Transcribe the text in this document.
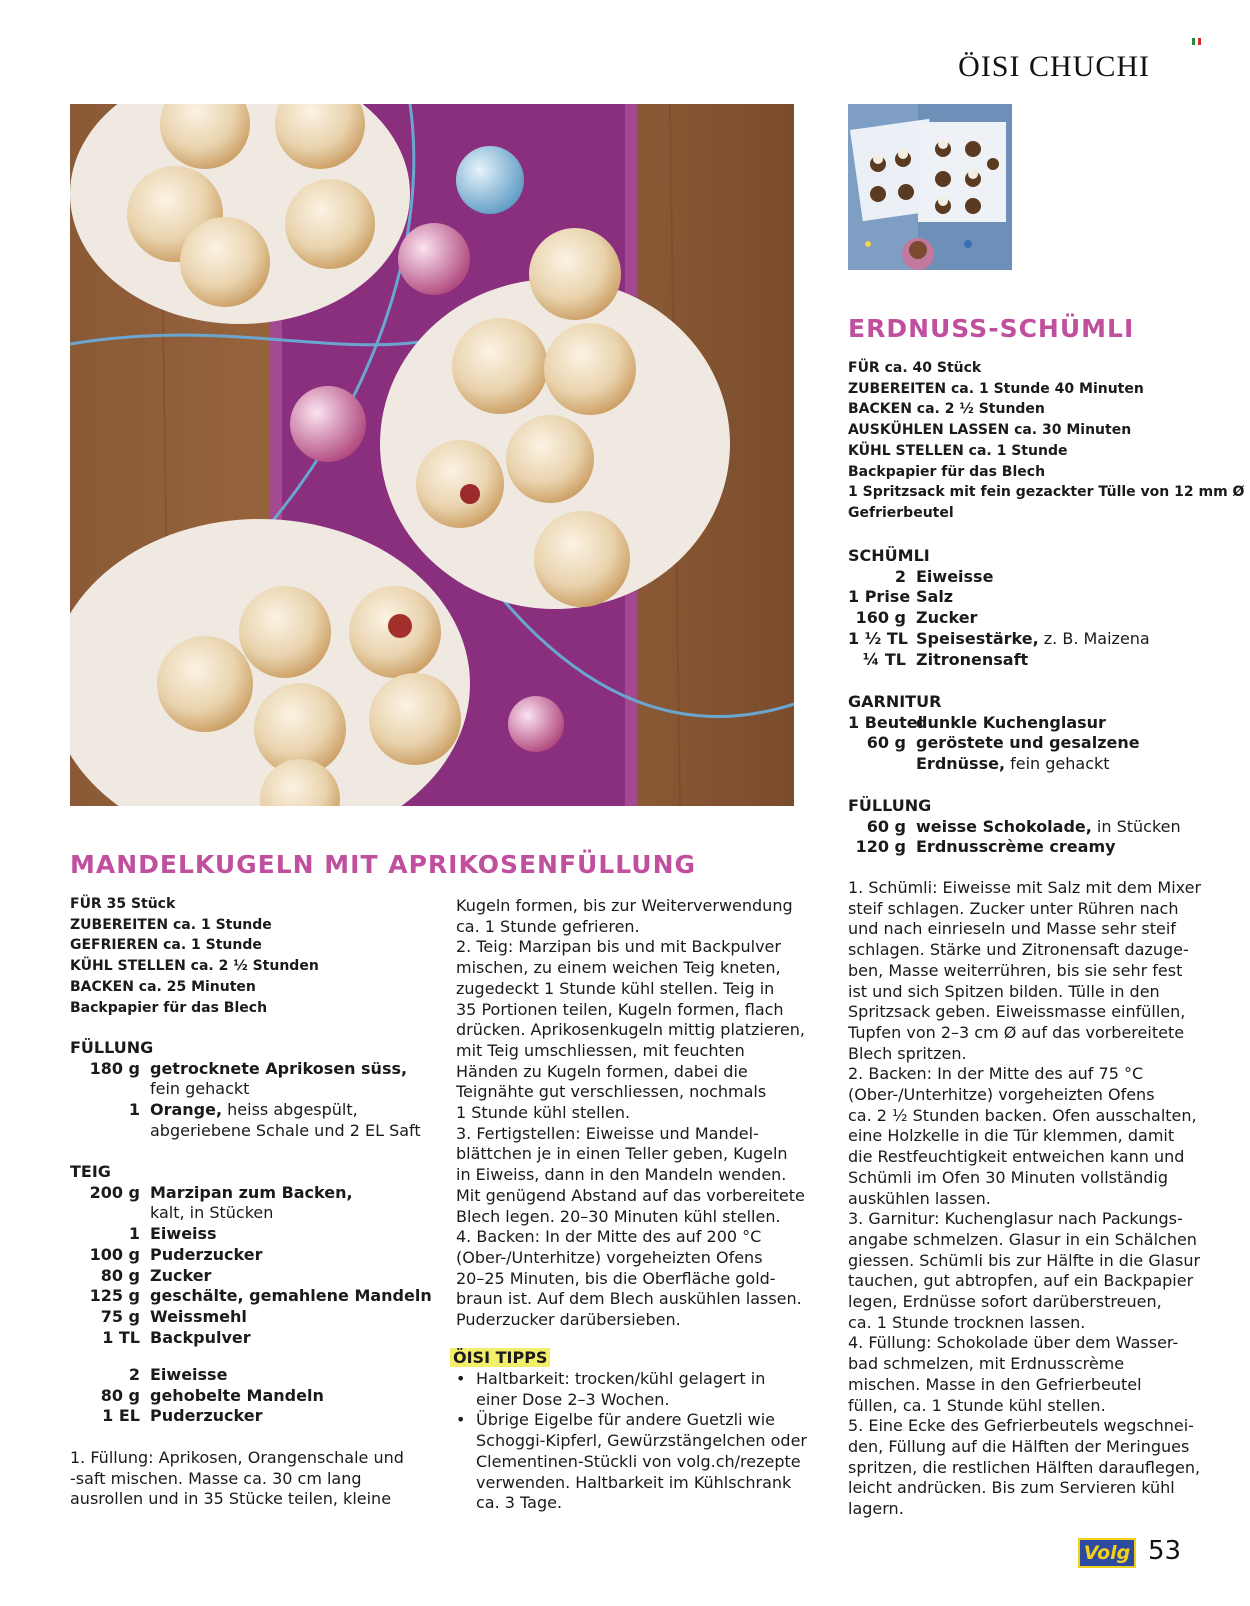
ÖISI CHUCHI
MANDELKUGELN MIT APRIKOSENFÜLLUNG
FÜR 35 Stück
ZUBEREITEN ca. 1 Stunde
GEFRIEREN ca. 1 Stunde
KÜHL STELLEN ca. 2 ½ Stunden
BACKEN ca. 25 Minuten
Backpapier für das Blech
FÜLLUNG
180 g getrocknete Aprikosen süss,
fein gehackt
1 Orange, heiss abgespült,
abgeriebene Schale und 2 EL Saft
TEIG
200 g Marzipan zum Backen,
kalt, in Stücken
1 Eiweiss
100 g Puderzucker
80 g Zucker
125 g geschälte, gemahlene Mandeln
75 g Weissmehl
1 TL Backpulver
2 Eiweisse
80 g gehobelte Mandeln
1 EL Puderzucker
1. Füllung: Aprikosen, Orangenschale und
-saft mischen. Masse ca. 30 cm lang
ausrollen und in 35 Stücke teilen, kleine
Kugeln formen, bis zur Weiterverwendung
ca. 1 Stunde gefrieren.
2. Teig: Marzipan bis und mit Backpulver
mischen, zu einem weichen Teig kneten,
zugedeckt 1 Stunde kühl stellen. Teig in
35 Portionen teilen, Kugeln formen, flach
drücken. Aprikosenkugeln mittig platzieren,
mit Teig umschliessen, mit feuchten
Händen zu Kugeln formen, dabei die
Teignähte gut verschliessen, nochmals
1 Stunde kühl stellen.
3. Fertigstellen: Eiweisse und Mandel-
blättchen je in einen Teller geben, Kugeln
in Eiweiss, dann in den Mandeln wenden.
Mit genügend Abstand auf das vorbereitete
Blech legen. 20–30 Minuten kühl stellen.
4. Backen: In der Mitte des auf 200 °C
(Ober-/Unterhitze) vorgeheizten Ofens
20–25 Minuten, bis die Oberfläche gold-
braun ist. Auf dem Blech auskühlen lassen.
Puderzucker darübersieben.
ÖISI TIPPS
• Haltbarkeit: trocken/kühl gelagert in
einer Dose 2–3 Wochen.
• Übrige Eigelbe für andere Guetzli wie
Schoggi-Kipferl, Gewürzstängelchen oder
Clementinen-Stückli von volg.ch/rezepte
verwenden. Haltbarkeit im Kühlschrank
ca. 3 Tage.
ERDNUSS-SCHÜMLI
FÜR ca. 40 Stück
ZUBEREITEN ca. 1 Stunde 40 Minuten
BACKEN ca. 2 ½ Stunden
AUSKÜHLEN LASSEN ca. 30 Minuten
KÜHL STELLEN ca. 1 Stunde
Backpapier für das Blech
1 Spritzsack mit fein gezackter Tülle von 12 mm Ø
Gefrierbeutel
SCHÜMLI
2 Eiweisse
1 Prise Salz
160 g Zucker
1 ½ TL Speisestärke, z. B. Maizena
¼ TL Zitronensaft
GARNITUR
1 Beutel
dunkle Kuchenglasur
60 g geröstete und gesalzene
Erdnüsse, fein gehackt
FÜLLUNG
60 g weisse Schokolade, in Stücken
120 g Erdnusscrème creamy
1. Schümli: Eiweisse mit Salz mit dem Mixer
steif schlagen. Zucker unter Rühren nach
und nach einrieseln und Masse sehr steif
schlagen. Stärke und Zitronensaft dazuge-
ben, Masse weiterrühren, bis sie sehr fest
ist und sich Spitzen bilden. Tülle in den
Spritzsack geben. Eiweissmasse einfüllen,
Tupfen von 2–3 cm Ø auf das vorbereitete
Blech spritzen.
2. Backen: In der Mitte des auf 75 °C
(Ober-/Unterhitze) vorgeheizten Ofens
ca. 2 ½ Stunden backen. Ofen ausschalten,
eine Holzkelle in die Tür klemmen, damit
die Restfeuchtigkeit entweichen kann und
Schümli im Ofen 30 Minuten vollständig
auskühlen lassen.
3. Garnitur: Kuchenglasur nach Packungs-
angabe schmelzen. Glasur in ein Schälchen
giessen. Schümli bis zur Hälfte in die Glasur
tauchen, gut abtropfen, auf ein Backpapier
legen, Erdnüsse sofort darüberstreuen,
ca. 1 Stunde trocknen lassen.
4. Füllung: Schokolade über dem Wasser-
bad schmelzen, mit Erdnusscrème
mischen. Masse in den Gefrierbeutel
füllen, ca. 1 Stunde kühl stellen.
5. Eine Ecke des Gefrierbeutels wegschnei-
den, Füllung auf die Hälften der Meringues
spritzen, die restlichen Hälften darauflegen,
leicht andrücken. Bis zum Servieren kühl
lagern.
Volg 53
